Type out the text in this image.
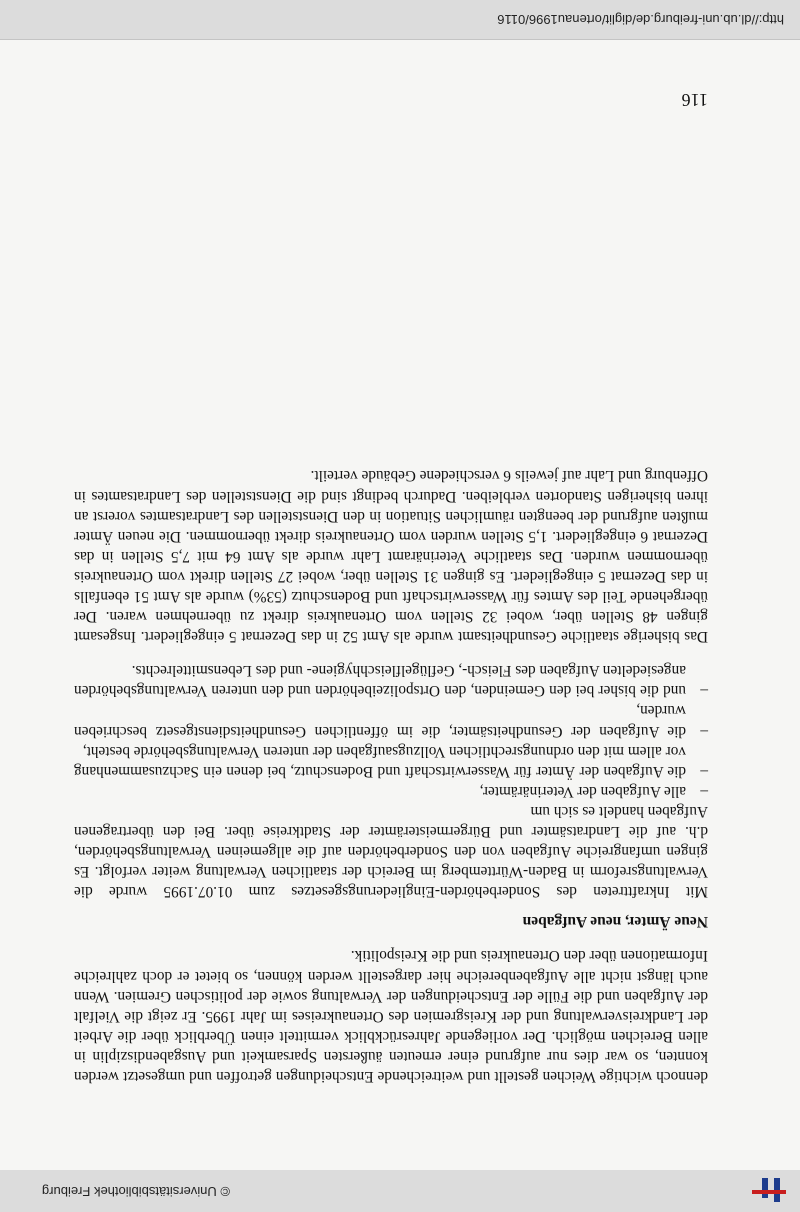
© Universitätsbibliothek Freiburg

dennoch wichtige Weichen gestellt und weitreichende Entscheidungen getroffen und umgesetzt werden konnten, so war dies nur aufgrund einer erneuten äußersten Sparsamkeit und Ausgabendisziplin in allen Bereichen möglich. Der vorliegende Jahresrückblick vermittelt einen Überblick über die Arbeit der Landkreisverwaltung und der Kreisgremien des Ortenaukreises im Jahr 1995. Er zeigt die Vielfalt der Aufgaben und die Fülle der Entscheidungen der Verwaltung sowie der politischen Gremien. Wenn auch längst nicht alle Aufgabenbereiche hier dargestellt werden können, so bietet er doch zahlreiche Informationen über den Ortenaukreis und die Kreispolitik.

Neue Ämter, neue Aufgaben

Mit Inkrafttreten des Sonderbehörden-Eingliederungsgesetzes zum 01.07.1995 wurde die Verwaltungsreform in Baden-Württemberg im Bereich der staatlichen Verwaltung weiter verfolgt. Es gingen umfangreiche Aufgaben von den Sonderbehörden auf die allgemeinen Verwaltungsbehörden, d.h. auf die Landratsämter und Bürgermeisterämter der Stadtkreise über. Bei den übertragenen Aufgaben handelt es sich um

–
alle Aufgaben der Veterinärämter,
–
die Aufgaben der Ämter für Wasserwirtschaft und Bodenschutz, bei denen ein Sachzusammenhang vor allem mit den ordnungsrechtlichen Vollzugsaufgaben der unteren Verwaltungsbehörde besteht,
–
die Aufgaben der Gesundheitsämter, die im öffentlichen Gesundheitsdienstgesetz beschrieben wurden,
–
und die bisher bei den Gemeinden, den Ortspolizeibehörden und den unteren Verwaltungsbehörden angesiedelten Aufgaben des Fleisch-, Geflügelfleischhygiene- und des Lebensmittelrechts.

Das bisherige staatliche Gesundheitsamt wurde als Amt 52 in das Dezernat 5 eingegliedert. Insgesamt gingen 48 Stellen über, wobei 32 Stellen vom Ortenaukreis direkt zu übernehmen waren. Der übergehende Teil des Amtes für Wasserwirtschaft und Bodenschutz (53%) wurde als Amt 51 ebenfalls in das Dezernat 5 eingegliedert. Es gingen 31 Stellen über, wobei 27 Stellen direkt vom Ortenaukreis übernommen wurden. Das staatliche Veterinäramt Lahr wurde als Amt 64 mit 7,5 Stellen in das Dezernat 6 eingegliedert. 1,5 Stellen wurden vom Ortenaukreis direkt übernommen. Die neuen Ämter mußten aufgrund der beengten räumlichen Situation in den Dienststellen des Landratsamtes vorerst an ihren bisherigen Standorten verbleiben. Dadurch bedingt sind die Dienststellen des Landratsamtes in Offenburg und Lahr auf jeweils 6 verschiedene Gebäude verteilt.

116
http://dl.ub.uni-freiburg.de/diglit/ortenau1996/0116
